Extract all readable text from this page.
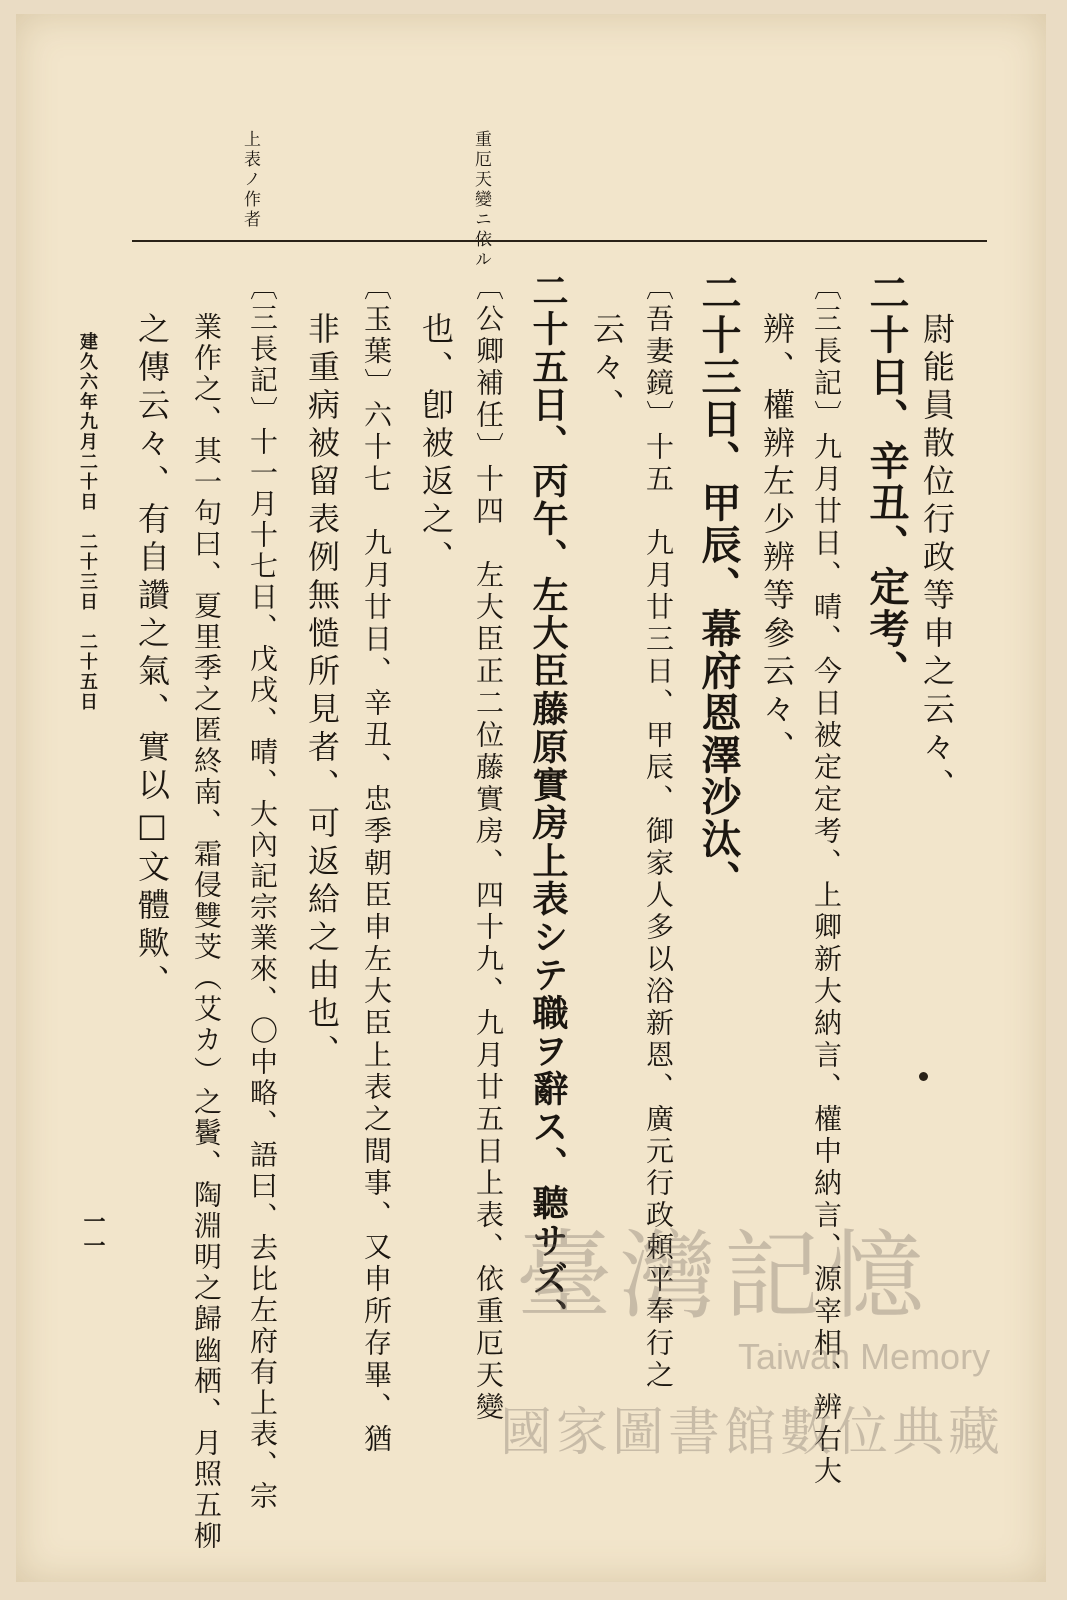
重厄天變ニ依ル
上表ノ作者
尉能員散位行政等申之云々、
二十日、辛丑、定考、
〔三長記〕九月廿日、晴、今日被定定考、上卿新大納言、權中納言、源宰相、辨右大
辨、權辨左少辨等參云々、
二十三日、甲辰、幕府恩澤沙汰、
〔吾妻鏡〕十五　九月廿三日、甲辰、御家人多以浴新恩、廣元行政頼平奉行之
云々、
二十五日、丙午、左大臣藤原實房上表シテ職ヲ辭ス、聽サズ、
〔公卿補任〕十四　左大臣正二位藤實房、四十九、九月廿五日上表、依重厄天變
也、卽被返之、
〔玉葉〕六十七　九月廿日、辛丑、忠季朝臣申左大臣上表之間事、又申所存畢、猶
非重病被留表例無慥所見者、可返給之由也、
〔三長記〕十一月十七日、戊戌、晴、大內記宗業來、〇中略、語曰、去比左府有上表、宗
業作之、其一句曰、夏里季之匿終南、霜侵雙芠（艾カ）之鬢、陶淵明之歸幽栖、月照五柳
之傳云々、有自讚之氣、實以□文體歟、
建久六年九月二十日　二十三日　二十五日
一一	臺灣記憶
Taiwan Memory
國家圖書館數位典藏
